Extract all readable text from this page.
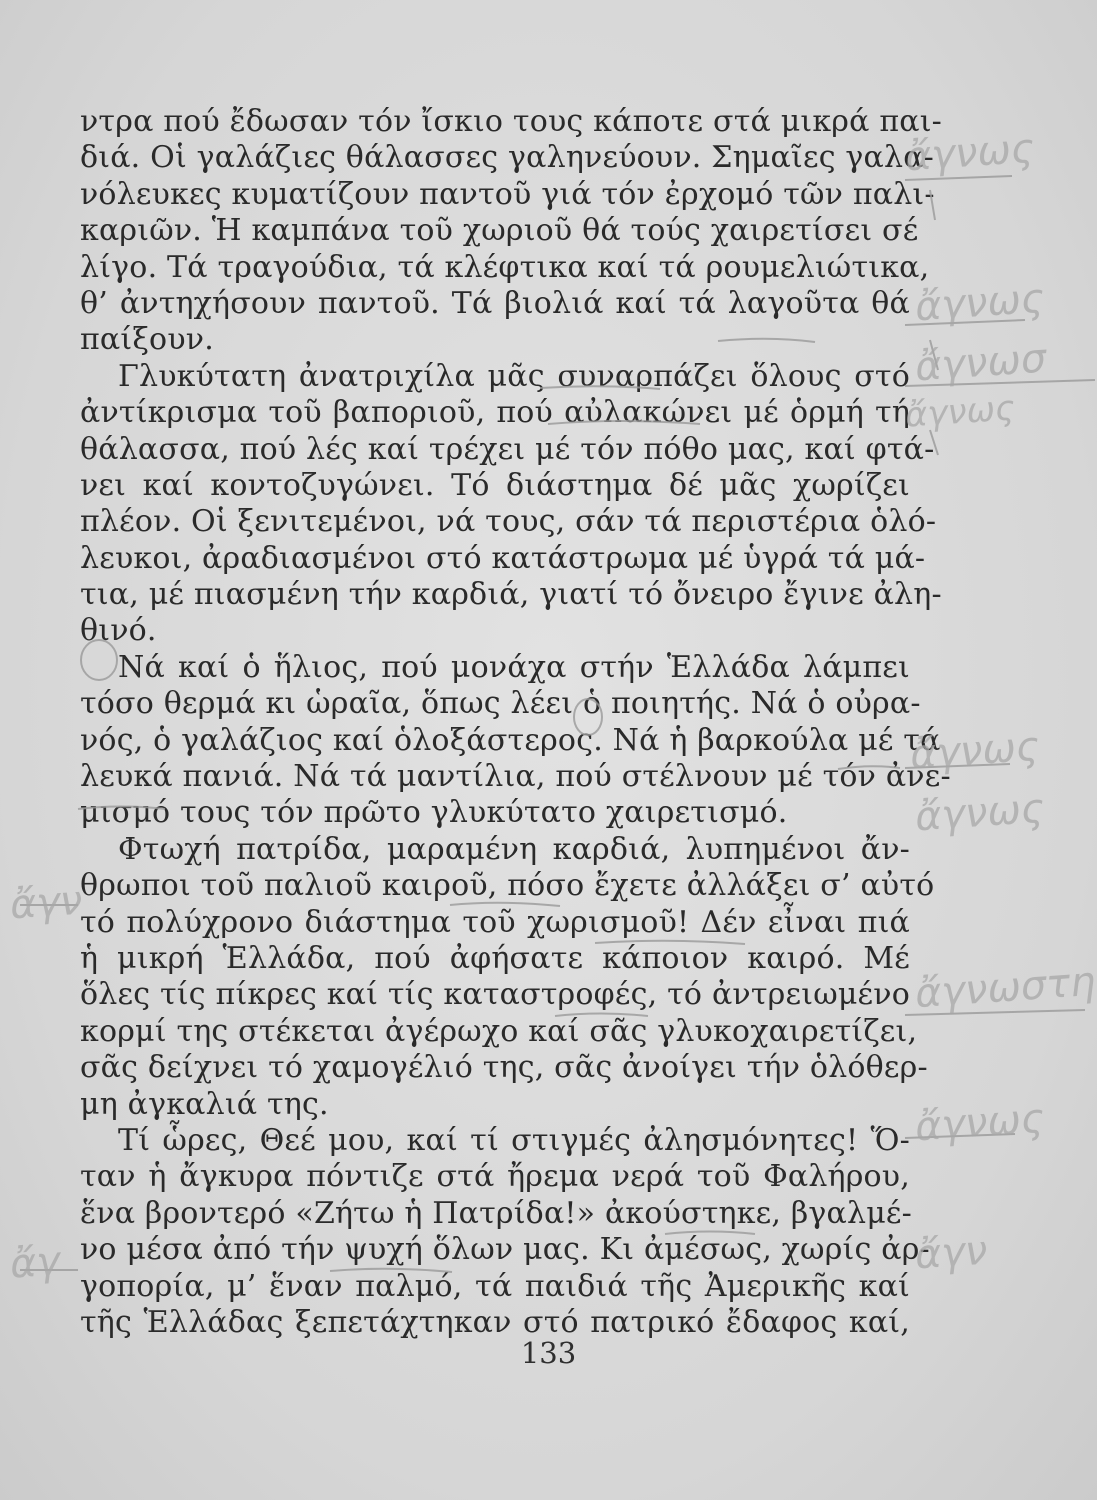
ντρα πού ἔδωσαν τόν ἴσκιο τους κάποτε στά μικρά παι-
διά. Οἱ γαλάζιες θάλασσες γαληνεύουν. Σημαῖες γαλα-
νόλευκες κυματίζουν παντοῦ γιά τόν ἐρχομό τῶν παλι-
καριῶν. Ἡ καμπάνα τοῦ χωριοῦ θά τούς χαιρετίσει σέ
λίγο. Τά τραγούδια, τά κλέφτικα καί τά ρουμελιώτικα,
θ’ ἀντηχήσουν παντοῦ. Τά βιολιά καί τά λαγοῦτα θά
παίξουν.
Γλυκύτατη ἀνατριχίλα μᾶς συναρπάζει ὅλους στό
ἀντίκρισμα τοῦ βαποριοῦ, πού αὐλακώνει μέ ὁρμή τή
θάλασσα, πού λές καί τρέχει μέ τόν πόθο μας, καί φτά-
νει καί κοντοζυγώνει. Τό διάστημα δέ μᾶς χωρίζει
πλέον. Οἱ ξενιτεμένοι, νά τους, σάν τά περιστέρια ὁλό-
λευκοι, ἀραδιασμένοι στό κατάστρωμα μέ ὑγρά τά μά-
τια, μέ πιασμένη τήν καρδιά, γιατί τό ὄνειρο ἔγινε ἀλη-
θινό.
Νά καί ὁ ἥλιος, πού μονάχα στήν Ἑλλάδα λάμπει
τόσο θερμά κι ὡραῖα, ὅπως λέει ὁ ποιητής. Νά ὁ οὐρα-
νός, ὁ γαλάζιος καί ὁλοξάστερος. Νά ἡ βαρκούλα μέ τά
λευκά πανιά. Νά τά μαντίλια, πού στέλνουν μέ τόν ἀνε-
μισμό τους τόν πρῶτο γλυκύτατο χαιρετισμό.
Φτωχή πατρίδα, μαραμένη καρδιά, λυπημένοι ἄν-
θρωποι τοῦ παλιοῦ καιροῦ, πόσο ἔχετε ἀλλάξει σ’ αὐτό
τό πολύχρονο διάστημα τοῦ χωρισμοῦ! Δέν εἶναι πιά
ἡ μικρή Ἑλλάδα, πού ἀφήσατε κάποιον καιρό. Μέ
ὅλες τίς πίκρες καί τίς καταστροφές, τό ἀντρειωμένο
κορμί της στέκεται ἀγέρωχο καί σᾶς γλυκοχαιρετίζει,
σᾶς δείχνει τό χαμογέλιό της, σᾶς ἀνοίγει τήν ὁλόθερ-
μη ἀγκαλιά της.
Τί ὧρες, Θεέ μου, καί τί στιγμές ἀλησμόνητες! Ὅ-
ταν ἡ ἄγκυρα πόντιζε στά ἤρεμα νερά τοῦ Φαλήρου,
ἕνα βροντερό «Ζήτω ἡ Πατρίδα!» ἀκούστηκε, βγαλμέ-
νο μέσα ἀπό τήν ψυχή ὅλων μας. Κι ἀμέσως, χωρίς ἀρ-
γοπορία, μ’ ἕναν παλμό, τά παιδιά τῆς Ἀμερικῆς καί
τῆς Ἑλλάδας ξεπετάχτηκαν στό πατρικό ἔδαφος καί,
133
ἄγνως
ἄγνως
ἄγνωσ
ἄγνως
ἄγνως
ἄγνως
ἄγν
ἄγνωστη
ἄγνως
ἄγ	ἄγν
